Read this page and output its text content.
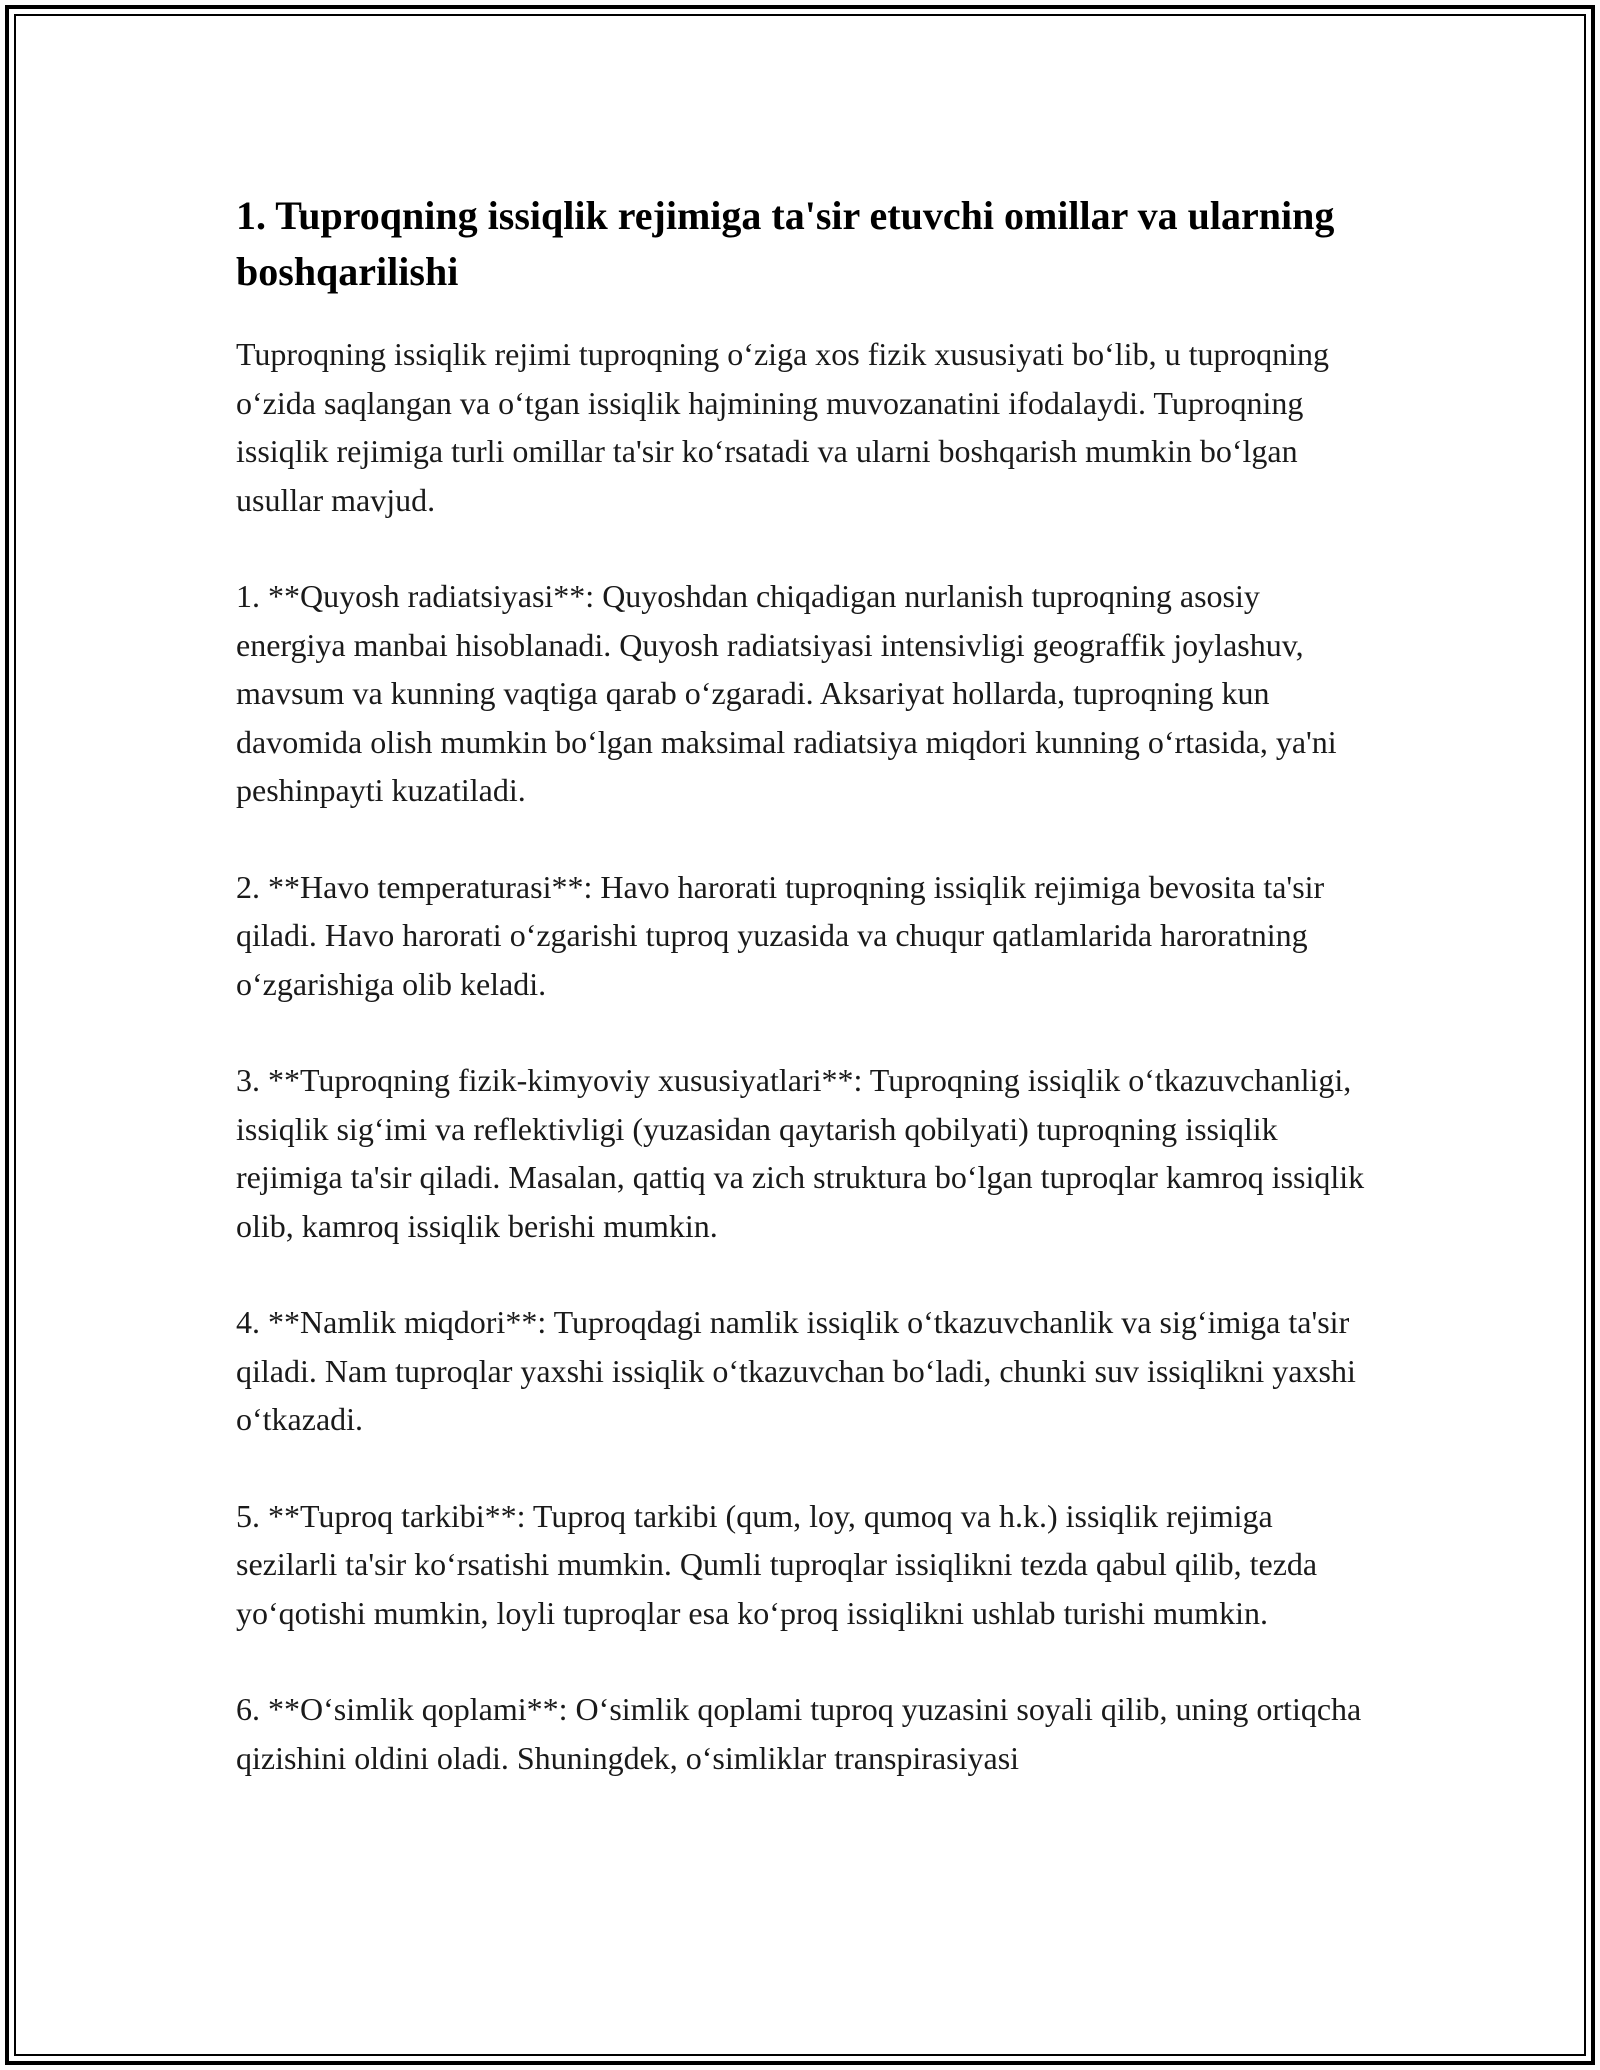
1. Tuproqning issiqlik rejimiga ta'sir etuvchi omillar va ularning boshqarilishi

Tuproqning issiqlik rejimi tuproqning oʻziga xos fizik xususiyati boʻlib, u tuproqning oʻzida saqlangan va oʻtgan issiqlik hajmining muvozanatini ifodalaydi. Tuproqning issiqlik rejimiga turli omillar ta'sir koʻrsatadi va ularni boshqarish mumkin boʻlgan usullar mavjud.

1. **Quyosh radiatsiyasi**: Quyoshdan chiqadigan nurlanish tuproqning asosiy energiya manbai hisoblanadi. Quyosh radiatsiyasi intensivligi geograffik joylashuv, mavsum va kunning vaqtiga qarab oʻzgaradi. Aksariyat hollarda, tuproqning kun davomida olish mumkin boʻlgan maksimal radiatsiya miqdori kunning oʻrtasida, ya'ni peshinpayti kuzatiladi.

2. **Havo temperaturasi**: Havo harorati tuproqning issiqlik rejimiga bevosita ta'sir qiladi. Havo harorati oʻzgarishi tuproq yuzasida va chuqur qatlamlarida haroratning oʻzgarishiga olib keladi.

3. **Tuproqning fizik-kimyoviy xususiyatlari**: Tuproqning issiqlik oʻtkazuvchanligi, issiqlik sigʻimi va reflektivligi (yuzasidan qaytarish qobilyati) tuproqning issiqlik rejimiga ta'sir qiladi. Masalan, qattiq va zich struktura boʻlgan tuproqlar kamroq issiqlik olib, kamroq issiqlik berishi mumkin.

4. **Namlik miqdori**: Tuproqdagi namlik issiqlik oʻtkazuvchanlik va sigʻimiga ta'sir qiladi. Nam tuproqlar yaxshi issiqlik oʻtkazuvchan boʻladi, chunki suv issiqlikni yaxshi oʻtkazadi.

5. **Tuproq tarkibi**: Tuproq tarkibi (qum, loy, qumoq va h.k.) issiqlik rejimiga sezilarli ta'sir koʻrsatishi mumkin. Qumli tuproqlar issiqlikni tezda qabul qilib, tezda yoʻqotishi mumkin, loyli tuproqlar esa koʻproq issiqlikni ushlab turishi mumkin.

6. **Oʻsimlik qoplami**: Oʻsimlik qoplami tuproq yuzasini soyali qilib, uning ortiqcha qizishini oldini oladi. Shuningdek, oʻsimliklar transpirasiyasi
